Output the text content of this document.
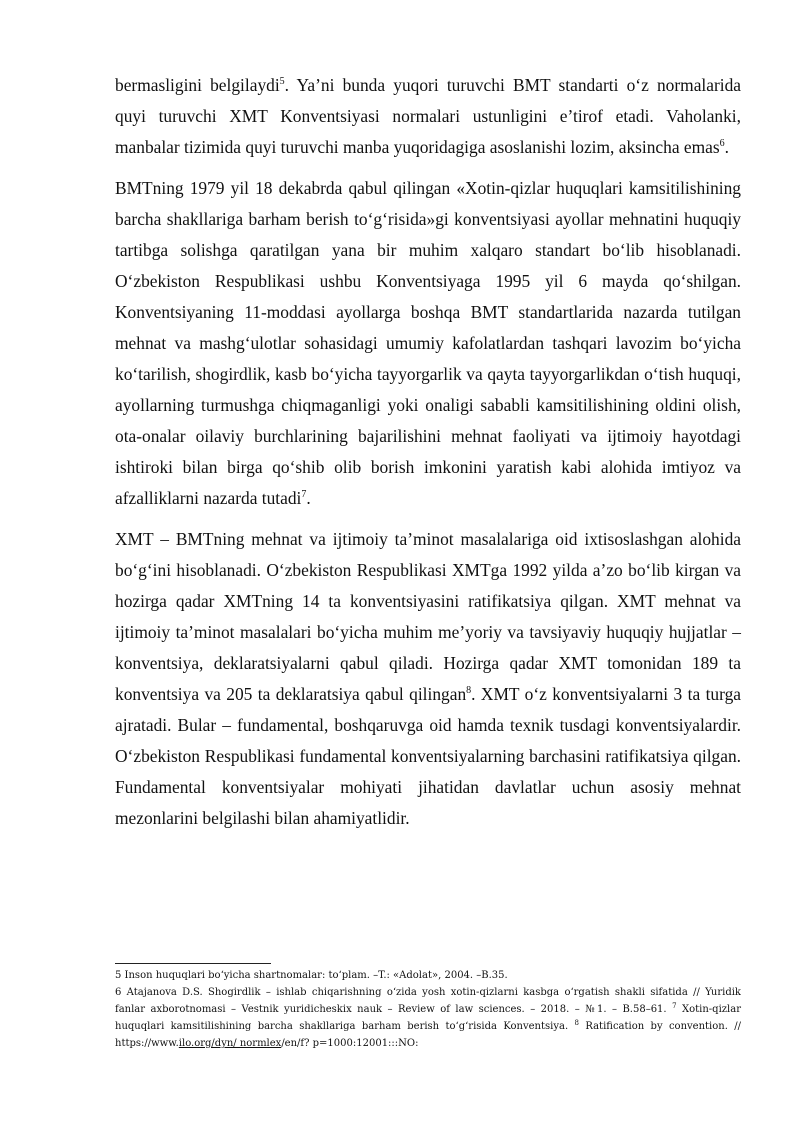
bermasligini belgilaydi$^5$. Ya’ni bunda yuqori turuvchi BMT standarti o‘z normalarida quyi turuvchi XMT Konventsiyasi normalari ustunligini e’tirof etadi. Vaholanki, manbalar tizimida quyi turuvchi manba yuqoridagiga asoslanishi lozim, aksincha emas$^6$.

BMTning 1979 yil 18 dekabrda qabul qilingan «Xotin-qizlar huquqlari kamsitilishining barcha shakllariga barham berish to‘g‘risida»gi konventsiyasi ayollar mehnatini huquqiy tartibga solishga qaratilgan yana bir muhim xalqaro standart bo‘lib hisoblanadi. O‘zbekiston Respublikasi ushbu Konventsiyaga 1995 yil 6 mayda qo‘shilgan. Konventsiyaning 11-moddasi ayollarga boshqa BMT standartlarida nazarda tutilgan mehnat va mashg‘ulotlar sohasidagi umumiy kafolatlardan tashqari lavozim bo‘yicha ko‘tarilish, shogirdlik, kasb bo‘yicha tayyorgarlik va qayta tayyorgarlikdan o‘tish huquqi, ayollarning turmushga chiqmaganligi yoki onaligi sababli kamsitilishining oldini olish, ota-onalar oilaviy burchlarining bajarilishini mehnat faoliyati va ijtimoiy hayotdagi ishtiroki bilan birga qo‘shib olib borish imkonini yaratish kabi alohida imtiyoz va afzalliklarni nazarda tutadi$^7$.

XMT – BMTning mehnat va ijtimoiy ta’minot masalalariga oid ixtisoslashgan alohida bo‘g‘ini hisoblanadi. O‘zbekiston Respublikasi XMTga 1992 yilda a’zo bo‘lib kirgan va hozirga qadar XMTning 14 ta konventsiyasini ratifikatsiya qilgan. XMT mehnat va ijtimoiy ta’minot masalalari bo‘yicha muhim me’yoriy va tavsiyaviy huquqiy hujjatlar – konventsiya, deklaratsiyalarni qabul qiladi. Hozirga qadar XMT tomonidan 189 ta konventsiya va 205 ta deklaratsiya qabul qilingan$^8$. XMT o‘z konventsiyalarni 3 ta turga ajratadi. Bular – fundamental, boshqaruvga oid hamda texnik tusdagi konventsiyalardir. O‘zbekiston Respublikasi fundamental konventsiyalarning barchasini ratifikatsiya qilgan. Fundamental konventsiyalar mohiyati jihatidan davlatlar uchun asosiy mehnat mezonlarini belgilashi bilan ahamiyatlidir.

5 Inson huquqlari bo‘yicha shartnomalar: to‘plam. –T.: «Adolat», 2004. –B.35.

6 Atajanova D.S. Shogirdlik – ishlab chiqarishning o‘zida yosh xotin-qizlarni kasbga o‘rgatish shakli sifatida // Yuridik fanlar axborotnomasi – Vestnik yuridicheskix nauk – Review of law sciences. – 2018. – №1. – B.58–61. $^7$ Xotin-qizlar huquqlari kamsitilishining barcha shakllariga barham berish to‘g‘risida Konventsiya. $^8$ Ratification by convention. // https://www.ilo.org/dyn/ normlex/en/f? p=1000:12001:::NO:
